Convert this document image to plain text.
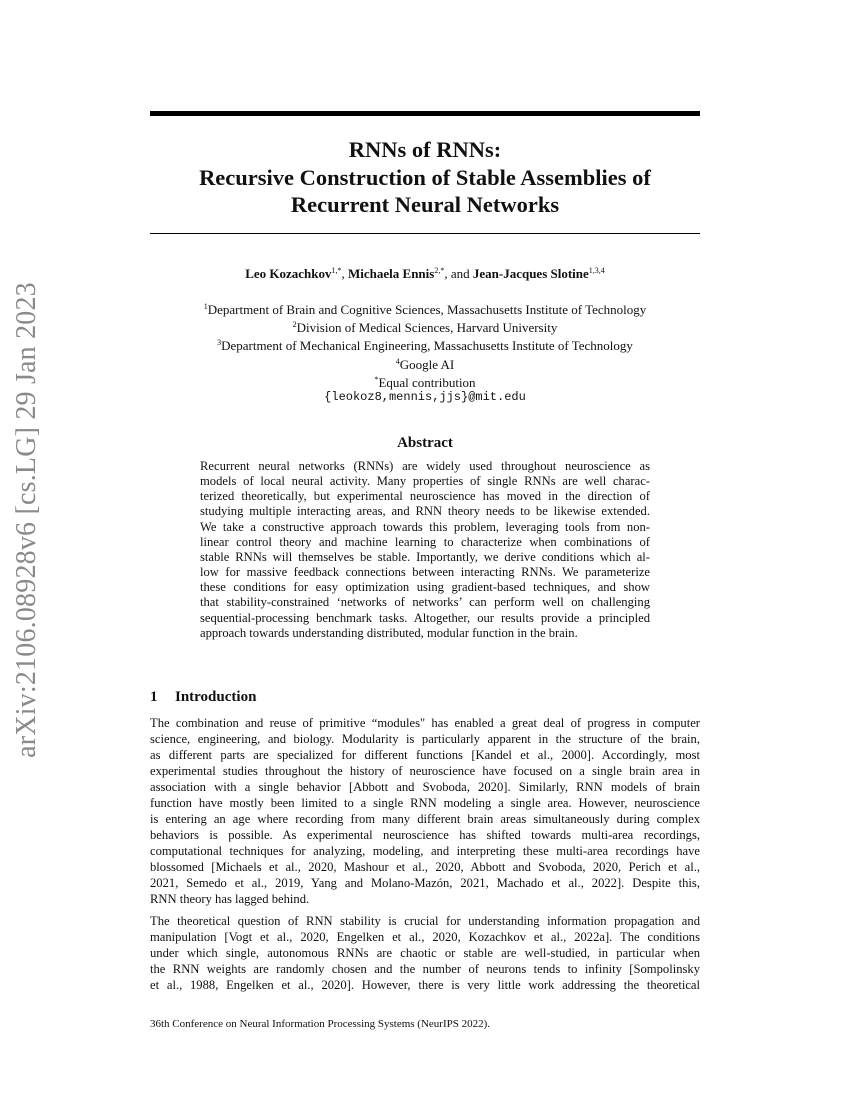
arXiv:2106.08928v6 [cs.LG] 29 Jan 2023
RNNs of RNNs:
Recursive Construction of Stable Assemblies of
Recurrent Neural Networks
Leo Kozachkov$^{1,*}$, Michaela Ennis$^{2,*}$, and Jean-Jacques Slotine$^{1,3,4}$
$^1$Department of Brain and Cognitive Sciences, Massachusetts Institute of Technology
$^2$Division of Medical Sciences, Harvard University
$^3$Department of Mechanical Engineering, Massachusetts Institute of Technology
$^4$Google AI
*Equal contribution
{leokoz8,mennis,jjs}@mit.edu
Abstract
Recurrent neural networks (RNNs) are widely used throughout neuroscience as
models of local neural activity. Many properties of single RNNs are well charac-
terized theoretically, but experimental neuroscience has moved in the direction of
studying multiple interacting areas, and RNN theory needs to be likewise extended.
We take a constructive approach towards this problem, leveraging tools from non-
linear control theory and machine learning to characterize when combinations of
stable RNNs will themselves be stable. Importantly, we derive conditions which al-
low for massive feedback connections between interacting RNNs. We parameterize
these conditions for easy optimization using gradient-based techniques, and show
that stability-constrained ‘networks of networks’ can perform well on challenging
sequential-processing benchmark tasks. Altogether, our results provide a principled
approach towards understanding distributed, modular function in the brain.
1 Introduction
The combination and reuse of primitive “modules" has enabled a great deal of progress in computer
science, engineering, and biology. Modularity is particularly apparent in the structure of the brain,
as different parts are specialized for different functions [Kandel et al., 2000]. Accordingly, most
experimental studies throughout the history of neuroscience have focused on a single brain area in
association with a single behavior [Abbott and Svoboda, 2020]. Similarly, RNN models of brain
function have mostly been limited to a single RNN modeling a single area. However, neuroscience
is entering an age where recording from many different brain areas simultaneously during complex
behaviors is possible. As experimental neuroscience has shifted towards multi-area recordings,
computational techniques for analyzing, modeling, and interpreting these multi-area recordings have
blossomed [Michaels et al., 2020, Mashour et al., 2020, Abbott and Svoboda, 2020, Perich et al.,
2021, Semedo et al., 2019, Yang and Molano-Mazón, 2021, Machado et al., 2022]. Despite this,
RNN theory has lagged behind.
The theoretical question of RNN stability is crucial for understanding information propagation and
manipulation [Vogt et al., 2020, Engelken et al., 2020, Kozachkov et al., 2022a]. The conditions
under which single, autonomous RNNs are chaotic or stable are well-studied, in particular when
the RNN weights are randomly chosen and the number of neurons tends to infinity [Sompolinsky
et al., 1988, Engelken et al., 2020]. However, there is very little work addressing the theoretical
36th Conference on Neural Information Processing Systems (NeurIPS 2022).
